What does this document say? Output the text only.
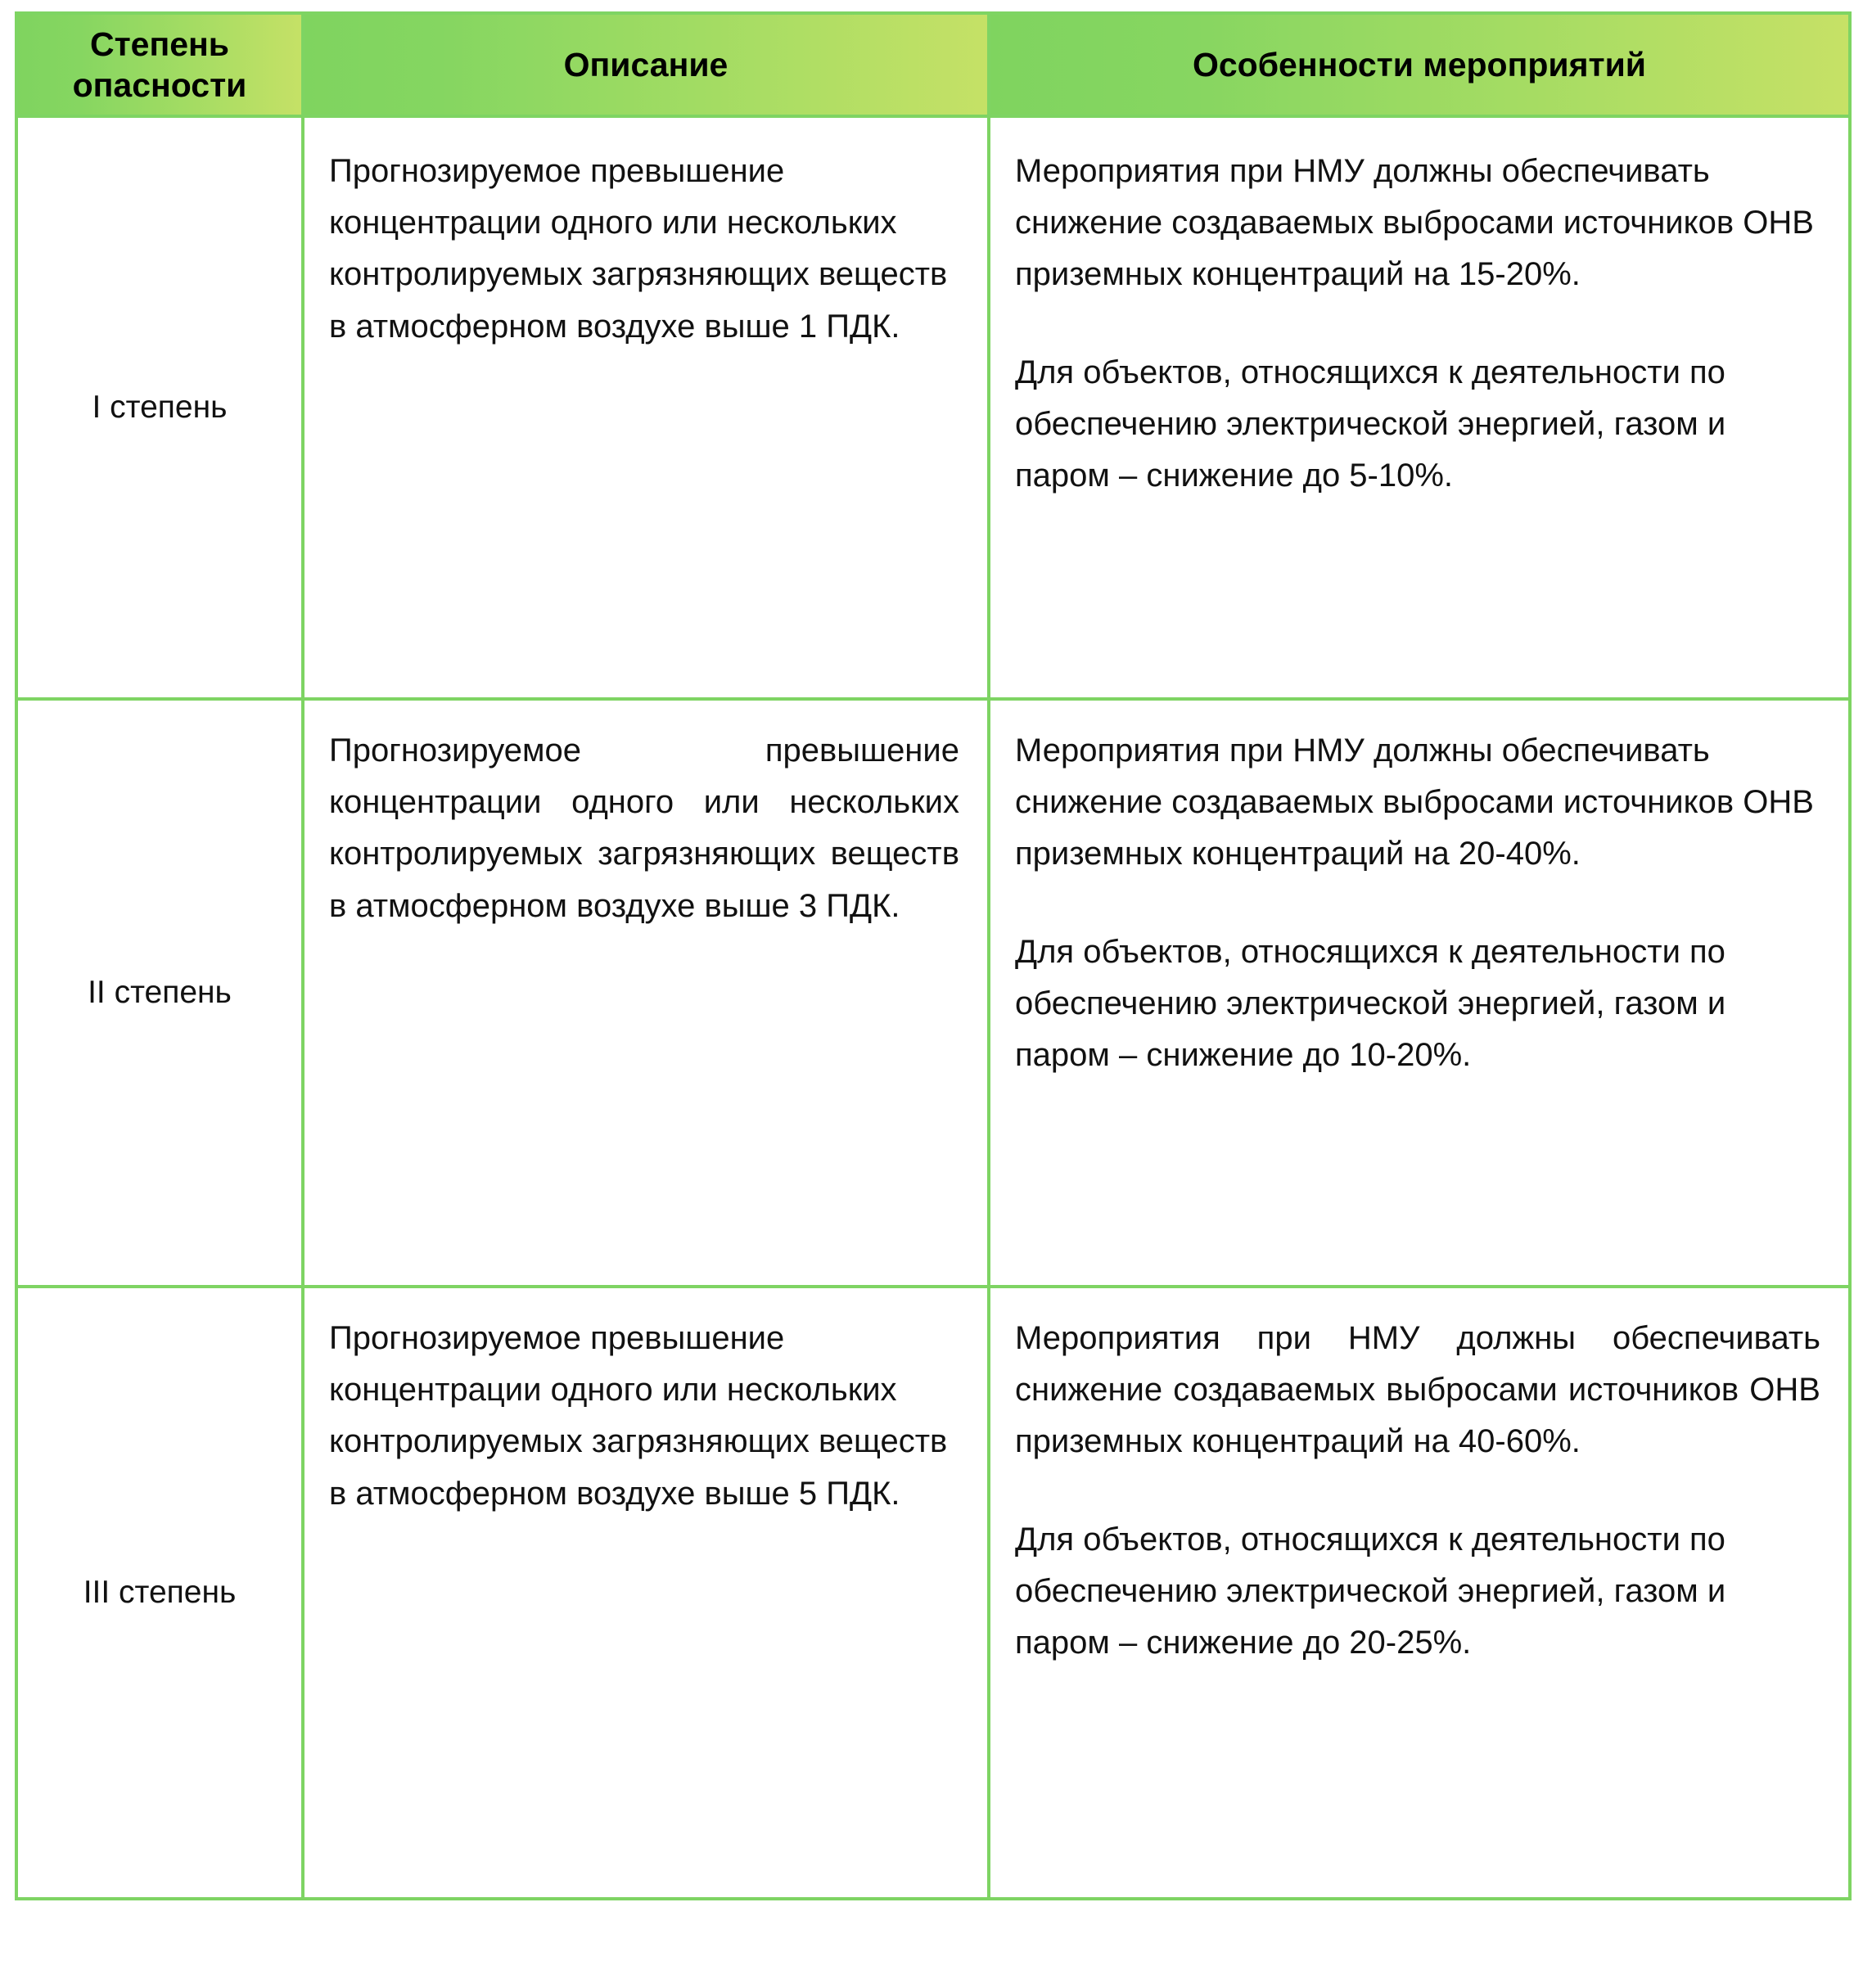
Степень опасности	Описание	Особенности мероприятий
I степень	Прогнозируемое превышение концентрации одного или нескольких контролируемых загрязняющих веществ в атмосферном воздухе выше 1 ПДК.	Мероприятия при НМУ должны обеспечивать снижение создаваемых выбросами источников ОНВ приземных концентраций на 15-20%.

Для объектов, относящихся к деятельности по обеспечению электрической энергией, газом и паром – снижение до 5-10%.

II степень	Прогнозируемое превышение концентрации одного или нескольких контролируемых загрязняющих веществ в атмосферном воздухе выше 3 ПДК.	Мероприятия при НМУ должны обеспечивать снижение создаваемых выбросами источников ОНВ приземных концентраций на 20-40%.

Для объектов, относящихся к деятельности по обеспечению электрической энергией, газом и паром – снижение до 10-20%.

III степень	Прогнозируемое превышение концентрации одного или нескольких контролируемых загрязняющих веществ в атмосферном воздухе выше 5 ПДК.	Мероприятия при НМУ должны обеспечивать снижение создаваемых выбросами источников ОНВ приземных концентраций на 40-60%.

Для объектов, относящихся к деятельности по обеспечению электрической энергией, газом и паром – снижение до 20-25%.
